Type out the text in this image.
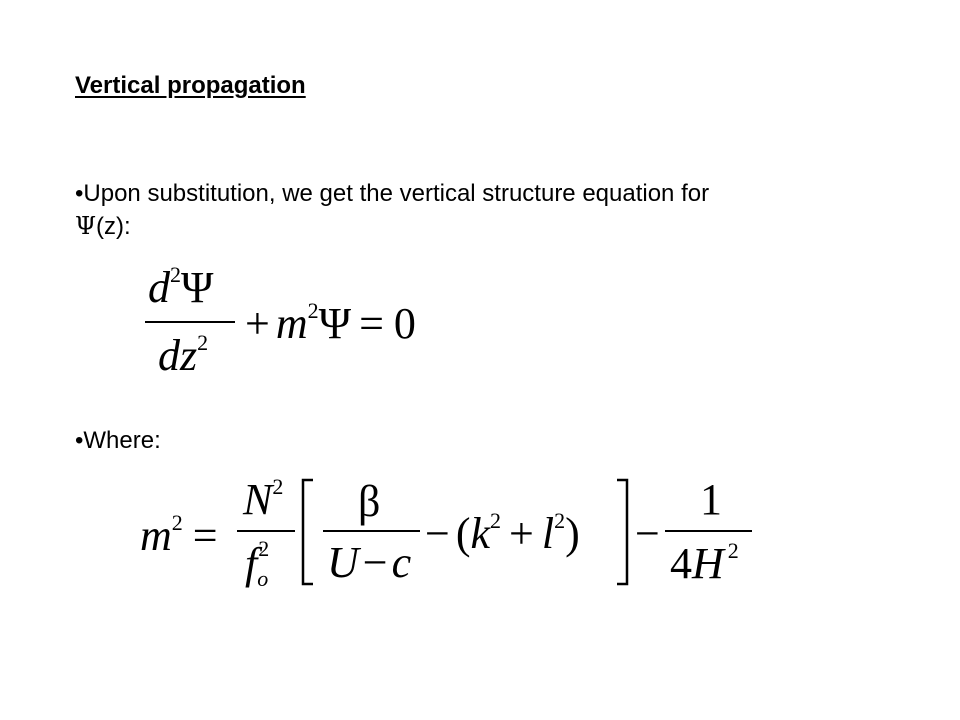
Vertical propagation
•Upon substitution, we get the vertical structure equation for
Ψ(z):
$d^2\Psi$
$dz^2 + m^2\Psi = 0$
•Where:
$m^2$ =
$N^2$
fo2
β
U−c
− $(k^2 + l^2)$ −
1
4H $^2$
